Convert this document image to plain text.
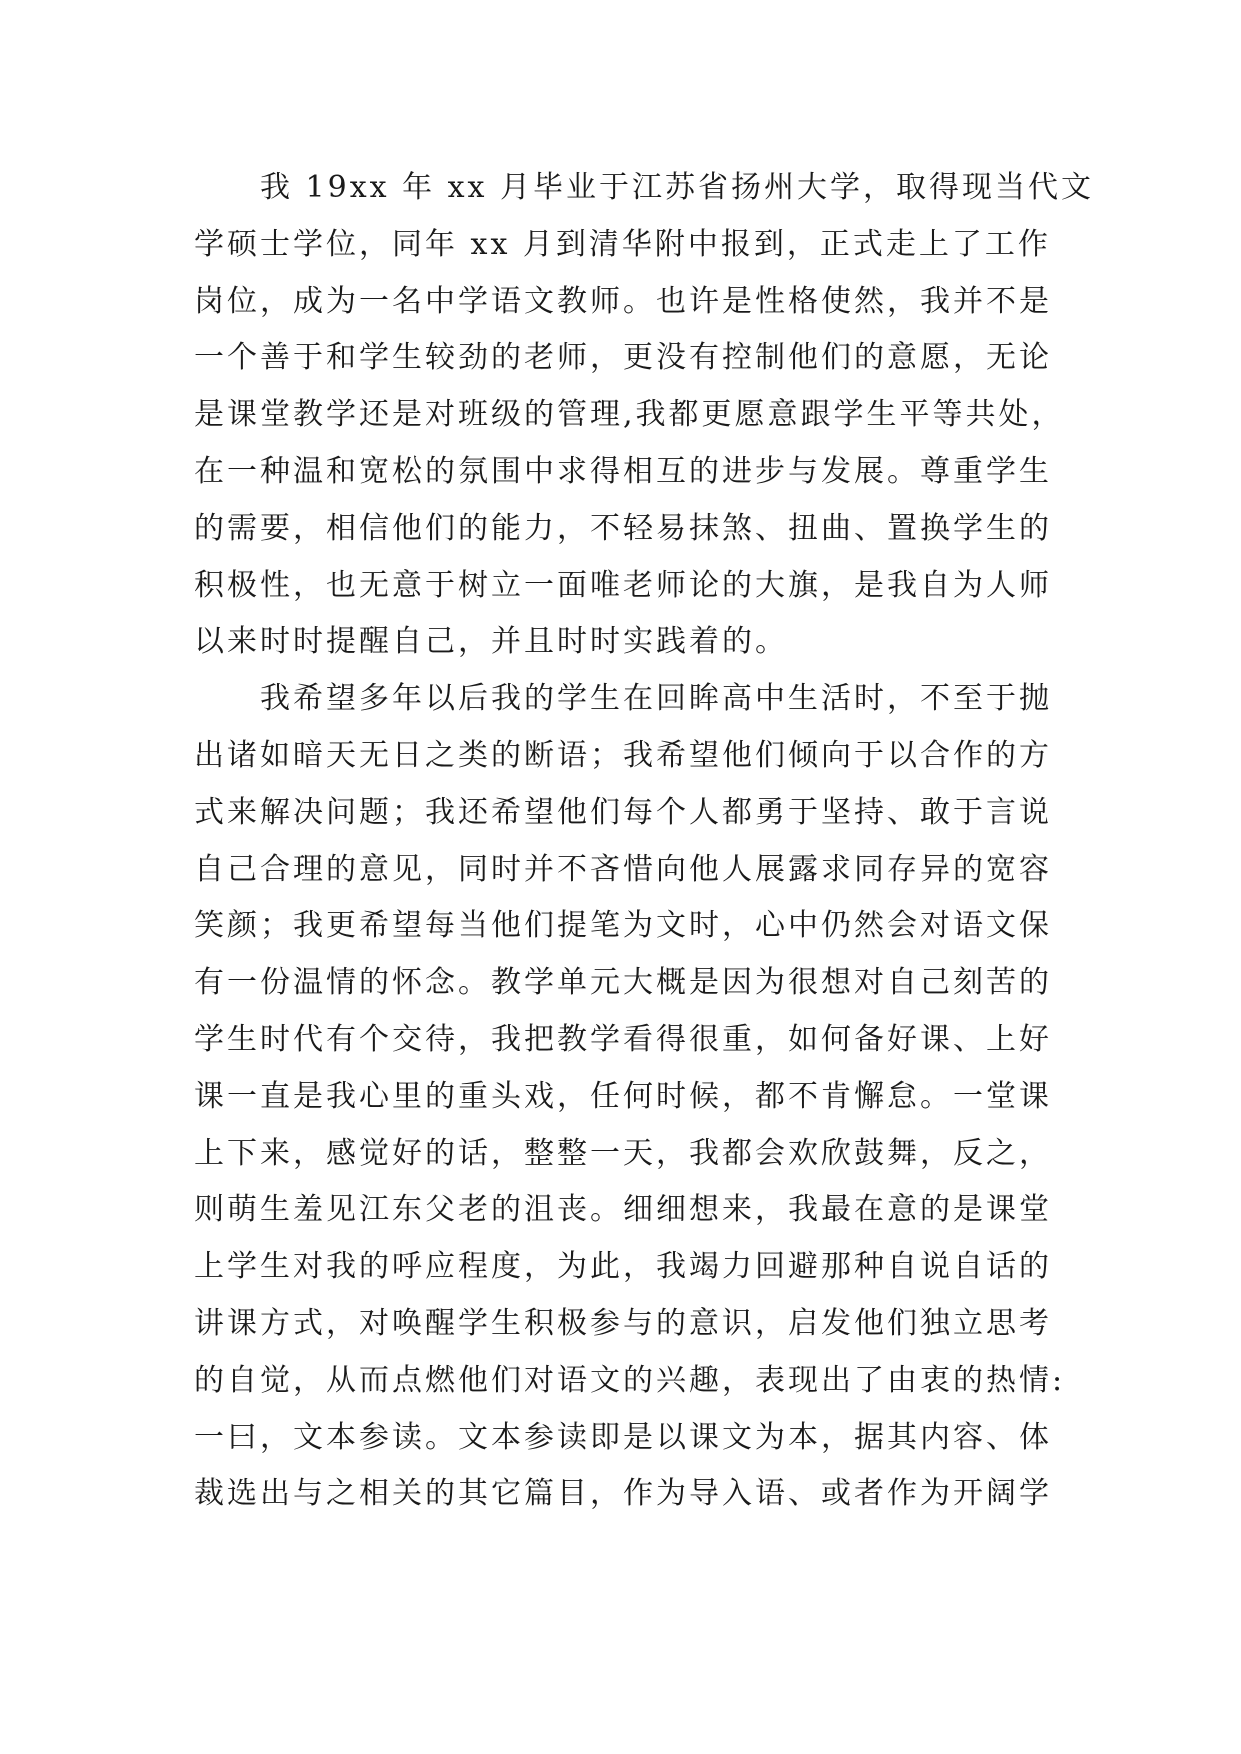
我 19xx 年 xx 月毕业于江苏省扬州大学，取得现当代文
学硕士学位，同年 xx 月到清华附中报到，正式走上了工作
岗位，成为一名中学语文教师。也许是性格使然，我并不是
一个善于和学生较劲的老师，更没有控制他们的意愿，无论
是课堂教学还是对班级的管理,我都更愿意跟学生平等共处，
在一种温和宽松的氛围中求得相互的进步与发展。尊重学生
的需要，相信他们的能力，不轻易抹煞、扭曲、置换学生的
积极性，也无意于树立一面唯老师论的大旗，是我自为人师
以来时时提醒自己，并且时时实践着的。
我希望多年以后我的学生在回眸高中生活时，不至于抛
出诸如暗天无日之类的断语；我希望他们倾向于以合作的方
式来解决问题；我还希望他们每个人都勇于坚持、敢于言说
自己合理的意见，同时并不吝惜向他人展露求同存异的宽容
笑颜；我更希望每当他们提笔为文时，心中仍然会对语文保
有一份温情的怀念。教学单元大概是因为很想对自己刻苦的
学生时代有个交待，我把教学看得很重，如何备好课、上好
课一直是我心里的重头戏，任何时候，都不肯懈怠。一堂课
上下来，感觉好的话，整整一天，我都会欢欣鼓舞，反之，
则萌生羞见江东父老的沮丧。细细想来，我最在意的是课堂
上学生对我的呼应程度，为此，我竭力回避那种自说自话的
讲课方式，对唤醒学生积极参与的意识，启发他们独立思考
的自觉，从而点燃他们对语文的兴趣，表现出了由衷的热情:
一曰，文本参读。文本参读即是以课文为本，据其内容、体
裁选出与之相关的其它篇目，作为导入语、或者作为开阔学
